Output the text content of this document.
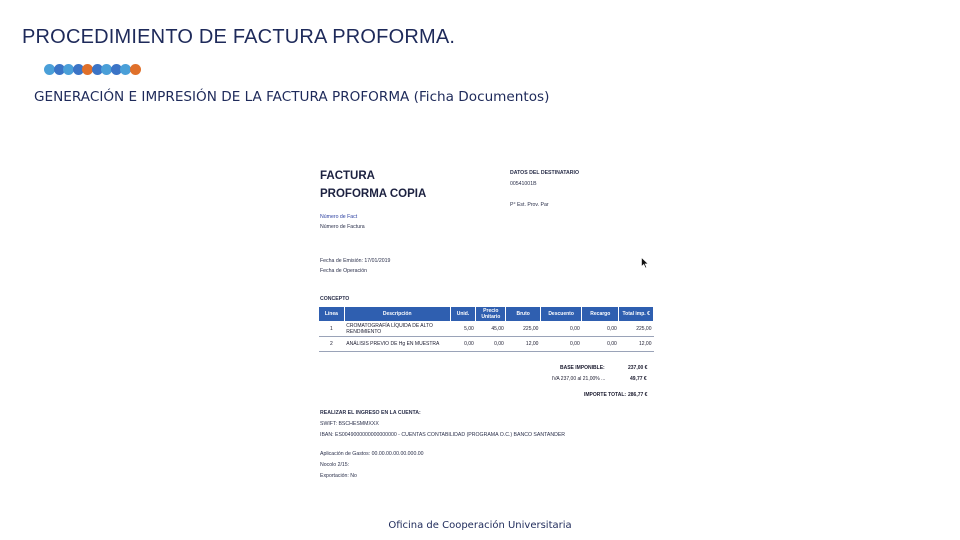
PROCEDIMIENTO DE FACTURA PROFORMA.
GENERACIÓN E IMPRESIÓN DE LA FACTURA PROFORMA (Ficha Documentos)
FACTURA
PROFORMA COPIA
DATOS DEL DESTINATARIO
00541001B
P° Est. Prov. Par
Número de Fact
Número de Factura
Fecha de Emisión: 17/01/2019
Fecha de Operación
CONCEPTO
Línea	Descripción	Unid.	Precio Unitario	Bruto	Descuento	Recargo	Total imp. €
1	CROMATOGRAFÍA LÍQUIDA DE ALTO RENDIMIENTO	5,00	45,00	225,00	0,00	0,00	225,00
2	ANÁLISIS PREVIO DE Hg EN MUESTRA	0,00	0,00	12,00	0,00	0,00	12,00
BASE IMPONIBLE:	237,00 €
IVA 237,00 al 21,00% ...	49,77 €
IMPORTE TOTAL: 286,77 €
REALIZAR EL INGRESO EN LA CUENTA:
SWIFT: BSCHESMMXXX
IBAN: ES0049000000000000000 - CUENTAS CONTABILIDAD (PROGRAMA O.C.) BANCO SANTANDER
Aplicación de Gastos: 00.00.00.00.00.000.00
Nocolo 2/15:
Exportación: No
Oficina de Cooperación Universitaria
